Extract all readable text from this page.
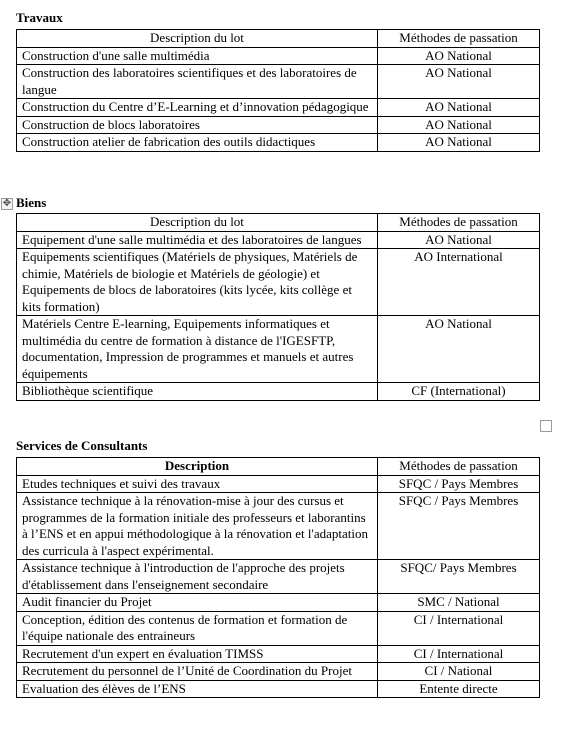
Travaux
Description du lot	Méthodes de passation
Construction d'une salle multimédia	AO National
Construction des laboratoires scientifiques et des laboratoires de langue	AO National
Construction du Centre d’E-Learning et d’innovation pédagogique	AO National
Construction de blocs laboratoires	AO National
Construction atelier de fabrication des outils didactiques	AO National
✥ Biens
Description du lot	Méthodes de passation
Equipement d'une salle multimédia et des laboratoires de langues	AO National
Equipements scientifiques (Matériels de physiques, Matériels de chimie, Matériels de biologie et Matériels de géologie) et Equipements de blocs de laboratoires (kits lycée, kits collège et kits formation)	AO International
Matériels Centre E-learning, Equipements informatiques et multimédia du centre de formation à distance de l'IGESFTP, documentation, Impression de programmes et manuels et autres équipements	AO National
Bibliothèque scientifique	CF (International)
Services de Consultants
Description	Méthodes de passation
Etudes techniques et suivi des travaux	SFQC / Pays Membres
Assistance technique à la rénovation-mise à jour des cursus et programmes de la formation initiale des professeurs et laborantins à l’ENS et en appui méthodologique à la rénovation et l'adaptation des curricula à l'aspect expérimental.	SFQC / Pays Membres
Assistance technique à l'introduction de l'approche des projets d'établissement dans l'enseignement secondaire	SFQC/ Pays Membres
Audit financier du Projet	SMC / National
Conception, édition des contenus de formation et formation de l'équipe nationale des entraineurs	CI / International
Recrutement d'un expert en évaluation TIMSS	CI / International
Recrutement du personnel de l’Unité de Coordination du Projet	CI / National
Evaluation des élèves de l’ENS	Entente directe
